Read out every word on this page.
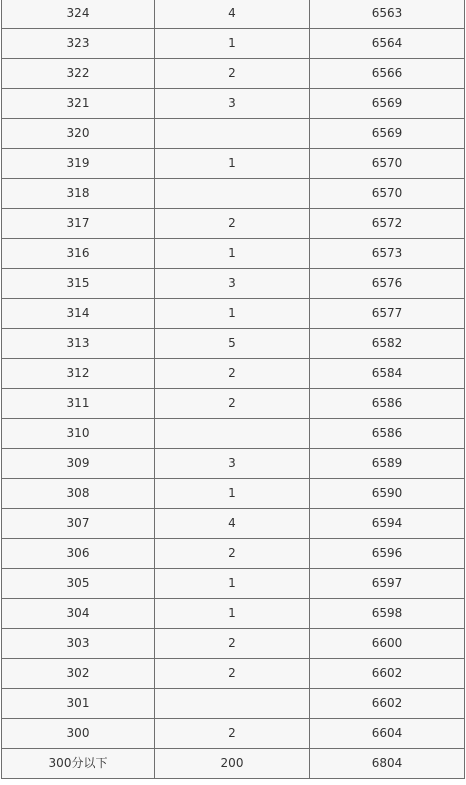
324	4	6563
323	1	6564
322	2	6566
321	3	6569
320		6569
319	1	6570
318		6570
317	2	6572
316	1	6573
315	3	6576
314	1	6577
313	5	6582
312	2	6584
311	2	6586
310		6586
309	3	6589
308	1	6590
307	4	6594
306	2	6596
305	1	6597
304	1	6598
303	2	6600
302	2	6602
301		6602
300	2	6604
300分以下	200	6804
